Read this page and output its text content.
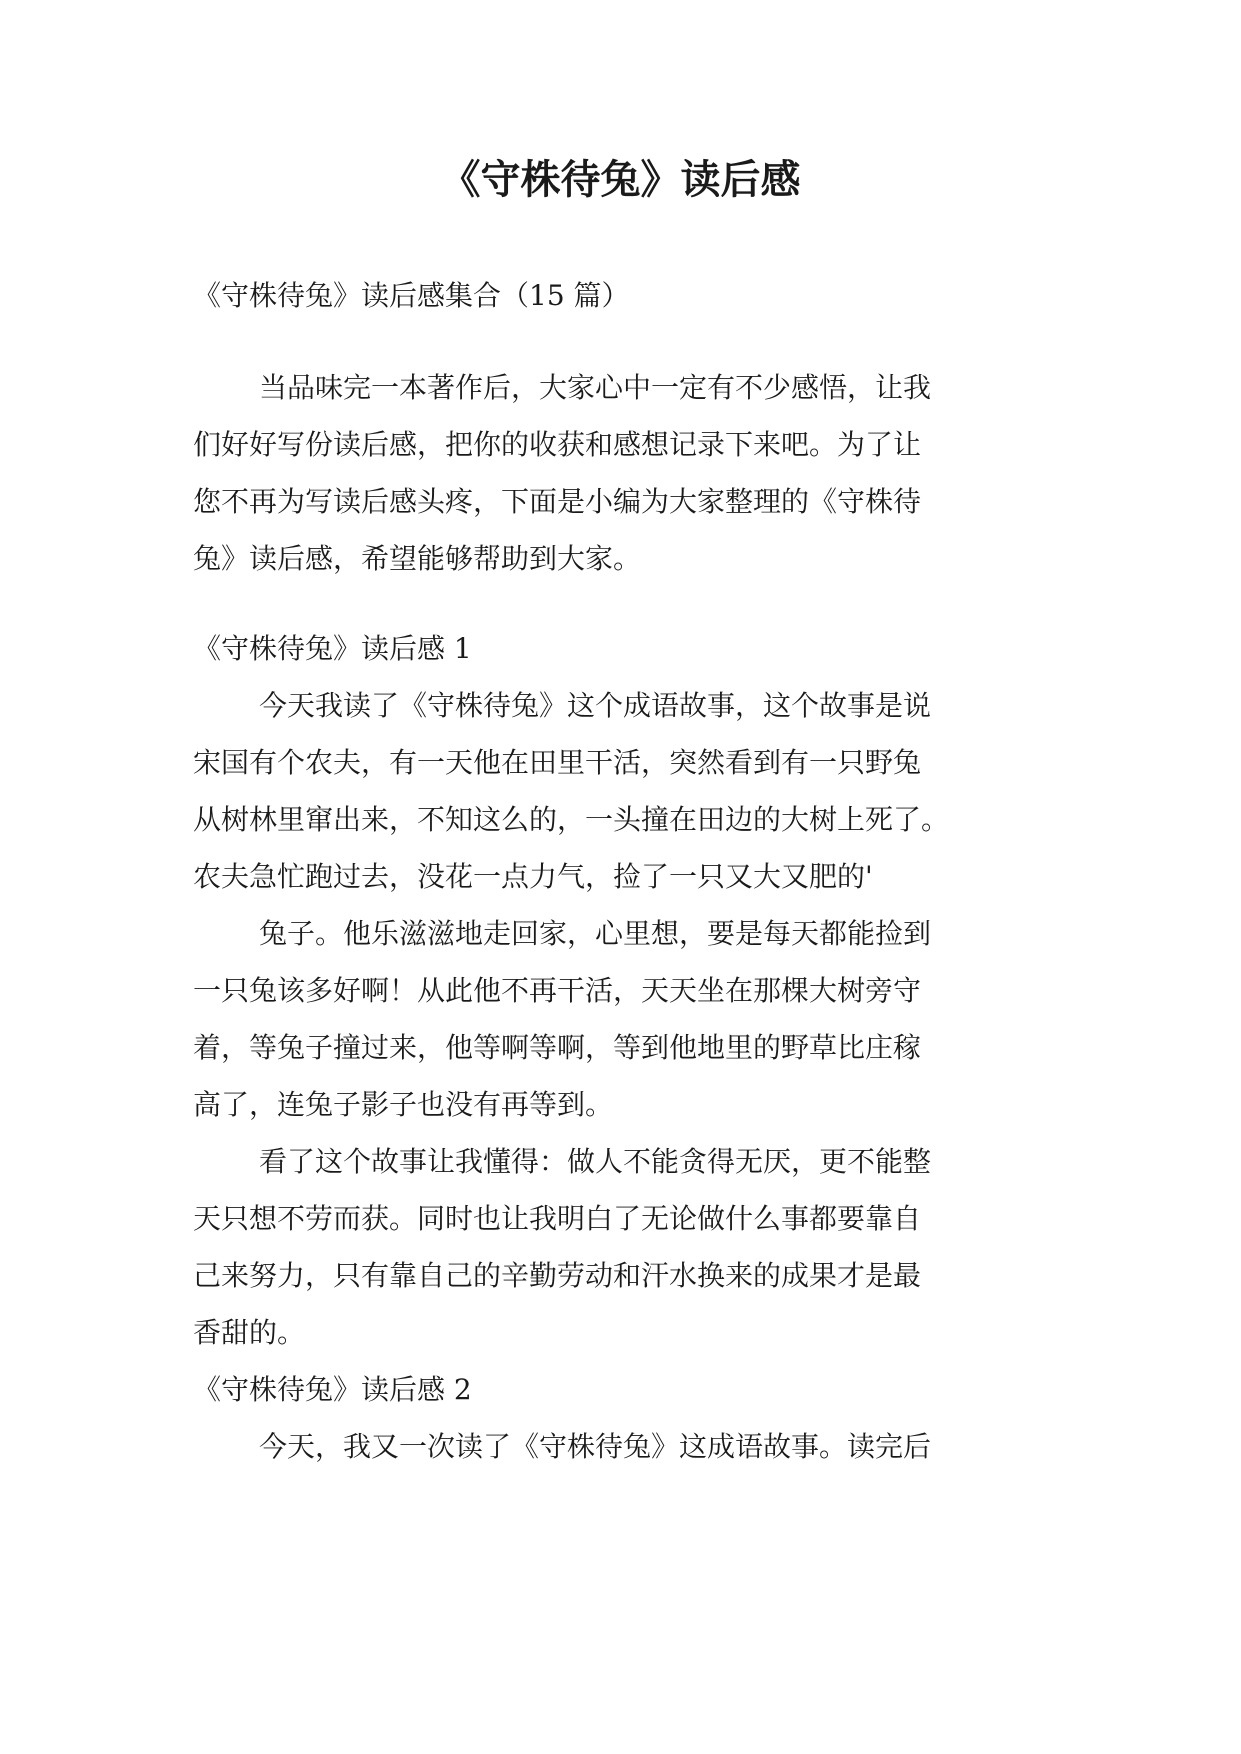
《守株待兔》读后感

《守株待兔》读后感集合（15 篇）

当品味完一本著作后，大家心中一定有不少感悟，让我
们好好写份读后感，把你的收获和感想记录下来吧。为了让
您不再为写读后感头疼，下面是小编为大家整理的《守株待
兔》读后感，希望能够帮助到大家。

《守株待兔》读后感 1

今天我读了《守株待兔》这个成语故事，这个故事是说
宋国有个农夫，有一天他在田里干活，突然看到有一只野兔
从树林里窜出来，不知这么的，一头撞在田边的大树上死了。
农夫急忙跑过去，没花一点力气，捡了一只又大又肥的'
兔子。他乐滋滋地走回家，心里想，要是每天都能捡到
一只兔该多好啊！从此他不再干活，天天坐在那棵大树旁守
着，等兔子撞过来，他等啊等啊，等到他地里的野草比庄稼
高了，连兔子影子也没有再等到。
看了这个故事让我懂得：做人不能贪得无厌，更不能整
天只想不劳而获。同时也让我明白了无论做什么事都要靠自
己来努力，只有靠自己的辛勤劳动和汗水换来的成果才是最
香甜的。

《守株待兔》读后感 2

今天，我又一次读了《守株待兔》这成语故事。读完后
